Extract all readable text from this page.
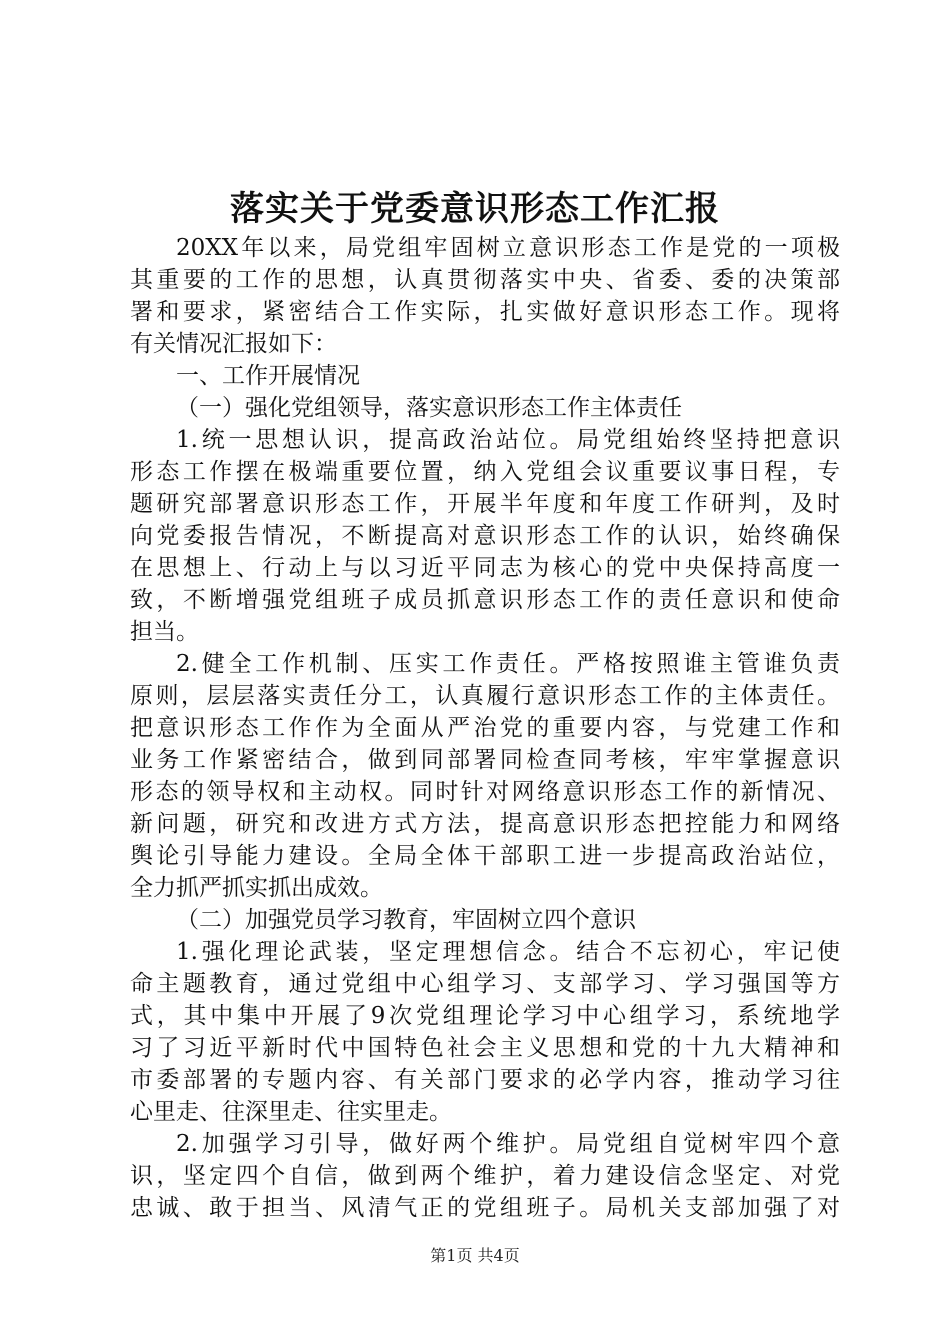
落实关于党委意识形态工作汇报
20XX年以来，局党组牢固树立意识形态工作是党的一项极
其重要的工作的思想，认真贯彻落实中央、省委、委的决策部
署和要求，紧密结合工作实际，扎实做好意识形态工作。现将
有关情况汇报如下：
一、工作开展情况
（一）强化党组领导，落实意识形态工作主体责任
1.统一思想认识，提高政治站位。局党组始终坚持把意识
形态工作摆在极端重要位置，纳入党组会议重要议事日程，专
题研究部署意识形态工作，开展半年度和年度工作研判，及时
向党委报告情况，不断提高对意识形态工作的认识，始终确保
在思想上、行动上与以习近平同志为核心的党中央保持高度一
致，不断增强党组班子成员抓意识形态工作的责任意识和使命
担当。
2.健全工作机制、压实工作责任。严格按照谁主管谁负责
原则，层层落实责任分工，认真履行意识形态工作的主体责任。
把意识形态工作作为全面从严治党的重要内容，与党建工作和
业务工作紧密结合，做到同部署同检查同考核，牢牢掌握意识
形态的领导权和主动权。同时针对网络意识形态工作的新情况、
新问题，研究和改进方式方法，提高意识形态把控能力和网络
舆论引导能力建设。全局全体干部职工进一步提高政治站位，
全力抓严抓实抓出成效。
（二）加强党员学习教育，牢固树立四个意识
1.强化理论武装，坚定理想信念。结合不忘初心，牢记使
命主题教育，通过党组中心组学习、支部学习、学习强国等方
式，其中集中开展了9次党组理论学习中心组学习，系统地学
习了习近平新时代中国特色社会主义思想和党的十九大精神和
市委部署的专题内容、有关部门要求的必学内容，推动学习往
心里走、往深里走、往实里走。
2.加强学习引导，做好两个维护。局党组自觉树牢四个意
识，坚定四个自信，做到两个维护，着力建设信念坚定、对党
忠诚、敢于担当、风清气正的党组班子。局机关支部加强了对
第1页 共4页
